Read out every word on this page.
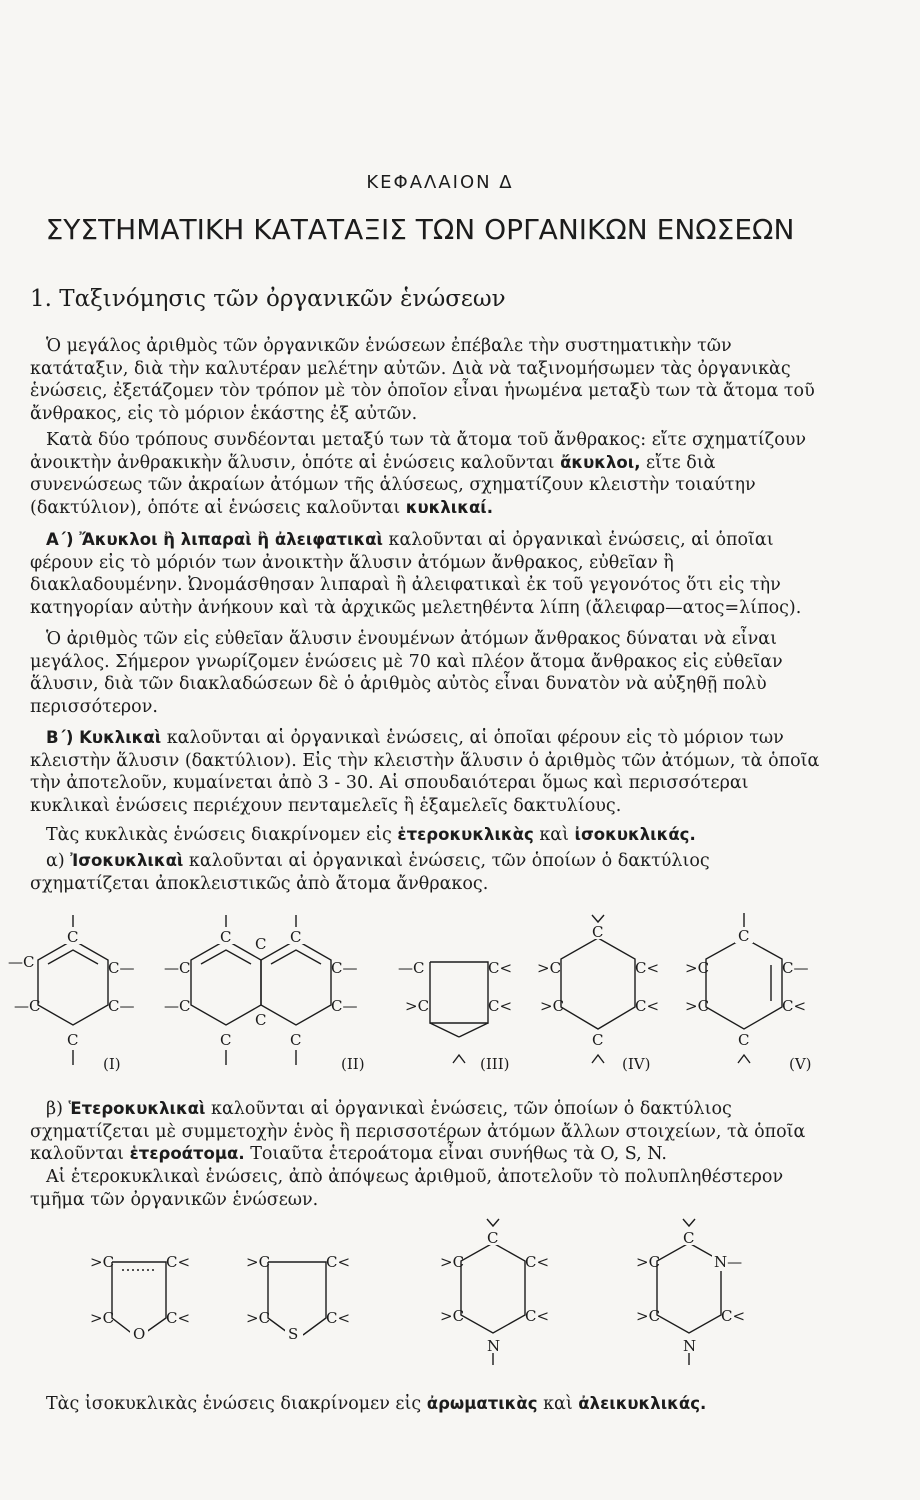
ΚΕΦΑΛΑΙΟΝ Δ
ΣΥΣΤΗΜΑΤΙΚΗ ΚΑΤΑΤΑΞΙΣ ΤΩΝ ΟΡΓΑΝΙΚΩΝ ΕΝΩΣΕΩΝ
1. Ταξινόμησις τῶν ὀργανικῶν ἑνώσεων

Ὁ μεγάλος ἀριθμὸς τῶν ὀργανικῶν ἑνώσεων ἐπέβαλε τὴν συστηματικὴν τῶν κατάταξιν, διὰ τὴν καλυτέραν μελέτην αὐτῶν. Διὰ νὰ ταξινομήσωμεν τὰς ὀργανικὰς ἑνώσεις, ἐξετάζομεν τὸν τρόπον μὲ τὸν ὁποῖον εἶναι ἡνωμένα μεταξὺ των τὰ ἄτομα τοῦ ἄνθρακος, εἰς τὸ μόριον ἑκάστης ἐξ αὐτῶν.

Κατὰ δύο τρόπους συνδέονται μεταξύ των τὰ ἄτομα τοῦ ἄνθρακος: εἴτε σχηματίζουν ἀνοικτὴν ἀνθρακικὴν ἅλυσιν, ὁπότε αἱ ἑνώσεις καλοῦνται ἄκυκλοι, εἴτε διὰ συνενώσεως τῶν ἀκραίων ἀτόμων τῆς ἁλύσεως, σχηματίζουν κλειστὴν τοιαύτην (δακτύλιον), ὁπότε αἱ ἑνώσεις καλοῦνται κυκλικαί.

Α΄) Ἄκυκλοι ἢ λιπαραὶ ἢ ἀλειφατικαὶ καλοῦνται αἱ ὀργανικαὶ ἑνώσεις, αἱ ὁποῖαι φέρουν εἰς τὸ μόριόν των ἀνοικτὴν ἅλυσιν ἀτόμων ἄνθρακος, εὐθεῖαν ἢ διακλαδουμένην. Ὠνομάσθησαν λιπαραὶ ἢ ἀλειφατικαὶ ἐκ τοῦ γεγονότος ὅτι εἰς τὴν κατηγορίαν αὐτὴν ἀνήκουν καὶ τὰ ἀρχικῶς μελετηθέντα λίπη (ἄλειφαρ—ατος=λίπος).

Ὁ ἀριθμὸς τῶν εἰς εὐθεῖαν ἅλυσιν ἑνουμένων ἀτόμων ἄνθρακος δύναται νὰ εἶναι μεγάλος. Σήμερον γνωρίζομεν ἑνώσεις μὲ 70 καὶ πλέον ἄτομα ἄνθρακος εἰς εὐθεῖαν ἅλυσιν, διὰ τῶν διακλαδώσεων δὲ ὁ ἀριθμὸς αὐτὸς εἶναι δυνατὸν νὰ αὐξηθῇ πολὺ περισσότερον.

Β΄) Κυκλικαὶ καλοῦνται αἱ ὀργανικαὶ ἑνώσεις, αἱ ὁποῖαι φέρουν εἰς τὸ μόριον των κλειστὴν ἅλυσιν (δακτύλιον). Εἰς τὴν κλειστὴν ἅλυσιν ὁ ἀριθμὸς τῶν ἀτόμων, τὰ ὁποῖα τὴν ἀποτελοῦν, κυμαίνεται ἀπὸ 3 - 30. Αἱ σπουδαιότεραι ὅμως καὶ περισσότεραι κυκλικαὶ ἑνώσεις περιέχουν πενταμελεῖς ἢ ἑξαμελεῖς δακτυλίους.

Τὰς κυκλικὰς ἑνώσεις διακρίνομεν εἰς ἑτεροκυκλικὰς καὶ ἰσοκυκλικάς.

α) Ἰσοκυκλικαὶ καλοῦνται αἱ ὀργανικαὶ ἑνώσεις, τῶν ὁποίων ὁ δακτύλιος σχηματίζεται ἀποκλειστικῶς ἀπὸ ἄτομα ἄνθρακος.

C
C
C	C
C
C
C	C
C
C
C
C
—C	C—
—C	C—
—C	C—
—C	C—
—C	C<
>C	C<
>C	C<
>C	C<
>C	C—
>C	C<
(I)	(II)	(III)	(IV)	(V)

β) Ἑτεροκυκλικαὶ καλοῦνται αἱ ὀργανικαὶ ἑνώσεις, τῶν ὁποίων ὁ δακτύλιος σχηματίζεται μὲ συμμετοχὴν ἑνὸς ἢ περισσοτέρων ἀτόμων ἄλλων στοιχείων, τὰ ὁποῖα καλοῦνται ἑτεροάτομα. Τοιαῦτα ἑτεροάτομα εἶναι συνήθως τὰ O, S, N.

Αἱ ἑτεροκυκλικαὶ ἑνώσεις, ἀπὸ ἀπόψεως ἀριθμοῦ, ἀποτελοῦν τὸ πολυπληθέστερον τμῆμα τῶν ὀργανικῶν ἑνώσεων.

C	C
O	S
N	N
N—
>C	C<
>C	C<
>C	C<
>C	C<
>C	C<
>C	C<
>C
>C	C<

Τὰς ἰσοκυκλικὰς ἑνώσεις διακρίνομεν εἰς ἀρωματικὰς καὶ ἀλεικυκλικάς.
